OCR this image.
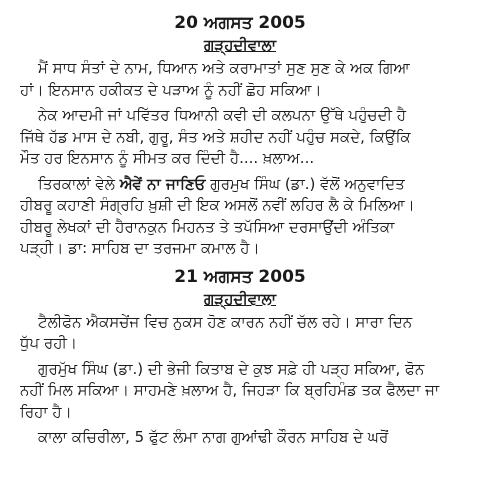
20 ਅਗਸਤ 2005
ਗੜ੍ਹਦੀਵਾਲਾ
ਮੈਂ ਸਾਧ ਸੰਤਾਂ ਦੇ ਨਾਮ, ਧਿਆਨ ਅਤੇ ਕਰਾਮਾਤਾਂ ਸੁਣ ਸੁਣ ਕੇ ਅਕ ਗਿਆ
ਹਾਂ। ਇਨਸਾਨ ਹਕੀਕਤ ਦੇ ਪੜਾਅ ਨੂੰ ਨਹੀਂ ਛੋਹ ਸਕਿਆ।
ਨੇਕ ਆਦਮੀ ਜਾਂ ਪਵਿੱਤਰ ਧਿਆਨੀ ਕਵੀ ਦੀ ਕਲਪਨਾ ਉੱਥੇ ਪਹੁੰਚਦੀ ਹੈ
ਜਿੱਥੇ ਹੱਡ ਮਾਸ ਦੇ ਨਬੀ, ਗੁਰੂ, ਸੰਤ ਅਤੇ ਸ਼ਹੀਦ ਨਹੀਂ ਪਹੁੰਚ ਸਕਦੇ, ਕਿਉਂਕਿ
ਮੌਤ ਹਰ ਇਨਸਾਨ ਨੂੰ ਸੀਮਤ ਕਰ ਦਿੰਦੀ ਹੈ.... ਖ਼ਲਾਅ...
ਤਿਰਕਾਲਾਂ ਵੇਲੇ ਐਵੇਂ ਨਾ ਜਾਣਿਓ ਗੁਰਮੁਖ ਸਿੰਘ (ਡਾ.) ਵੱਲੋਂ ਅਨੁਵਾਦਿਤ
ਹੀਬਰੂ ਕਹਾਣੀ ਸੰਗ੍ਰਹਿ ਖ਼ੁਸ਼ੀ ਦੀ ਇਕ ਅਸਲੋਂ ਨਵੀਂ ਲਹਿਰ ਲੈ ਕੇ ਮਿਲਿਆ।
ਹੀਬਰੂ ਲੇਖਕਾਂ ਦੀ ਹੈਰਾਨਕੁਨ ਮਿਹਨਤ ਤੇ ਤਪੱਸਿਆ ਦਰਸਾਉਂਦੀ ਅੰਤਿਕਾ
ਪੜ੍ਹੀ। ਡਾ: ਸਾਹਿਬ ਦਾ ਤਰਜਮਾ ਕਮਾਲ ਹੈ।
21 ਅਗਸਤ 2005
ਗੜ੍ਹਦੀਵਾਲਾ
ਟੈਲੀਫੋਨ ਐਕਸਚੇਂਜ ਵਿਚ ਨੁਕਸ ਹੋਣ ਕਾਰਨ ਨਹੀਂ ਚੱਲ ਰਹੇ। ਸਾਰਾ ਦਿਨ
ਧੁੱਪ ਰਹੀ।
ਗੁਰਮੁੱਖ ਸਿੰਘ (ਡਾ.) ਦੀ ਭੇਜੀ ਕਿਤਾਬ ਦੇ ਕੁਝ ਸਫ਼ੇ ਹੀ ਪੜ੍ਹ ਸਕਿਆ, ਫੋਨ
ਨਹੀਂ ਮਿਲ ਸਕਿਆ। ਸਾਹਮਣੇ ਖ਼ਲਾਅ ਹੈ, ਜਿਹੜਾ ਕਿ ਬ੍ਰਹਿਮੰਡ ਤਕ ਫੈਲਦਾ ਜਾ
ਰਿਹਾ ਹੈ।
ਕਾਲਾ ਕਚਿਰੀਲਾ, 5 ਫੁੱਟ ਲੰਮਾ ਨਾਗ ਗੁਆਂਢੀ ਕੌਰਨ ਸਾਹਿਬ ਦੇ ਘਰੋਂ
